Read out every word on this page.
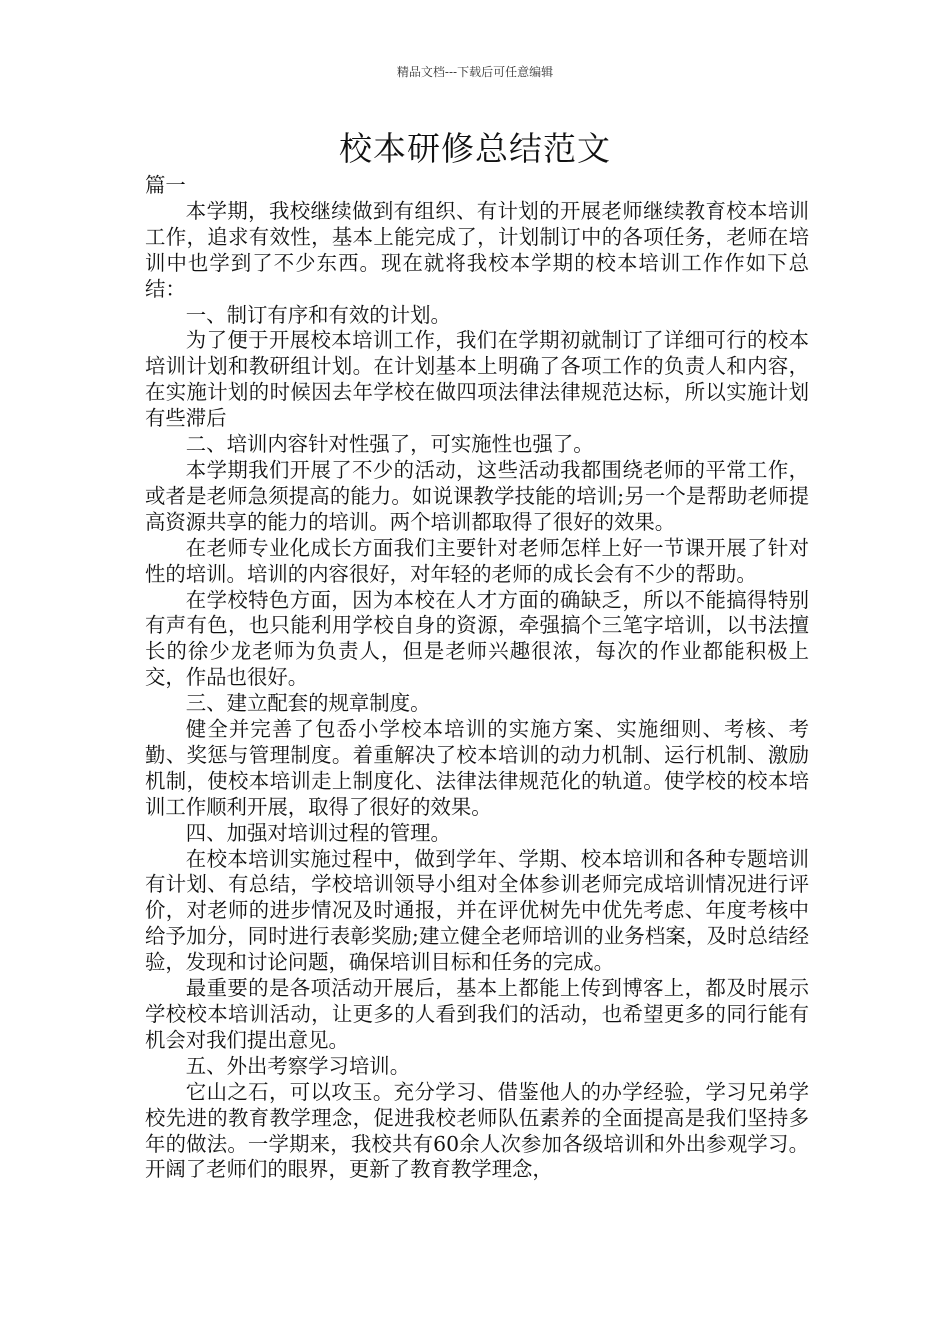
精品文档---下载后可任意编辑
校本研修总结范文

篇一

本学期，我校继续做到有组织、有计划的开展老师继续教育校本培训工作，追求有效性，基本上能完成了，计划制订中的各项任务，老师在培训中也学到了不少东西。现在就将我校本学期的校本培训工作作如下总结：

一、制订有序和有效的计划。

为了便于开展校本培训工作，我们在学期初就制订了详细可行的校本培训计划和教研组计划。在计划基本上明确了各项工作的负责人和内容，在实施计划的时候因去年学校在做四项法律法律规范达标，所以实施计划有些滞后

二、培训内容针对性强了，可实施性也强了。

本学期我们开展了不少的活动，这些活动我都围绕老师的平常工作，或者是老师急须提高的能力。如说课教学技能的培训;另一个是帮助老师提高资源共享的能力的培训。两个培训都取得了很好的效果。

在老师专业化成长方面我们主要针对老师怎样上好一节课开展了针对性的培训。培训的内容很好，对年轻的老师的成长会有不少的帮助。

在学校特色方面，因为本校在人才方面的确缺乏，所以不能搞得特别有声有色，也只能利用学校自身的资源，牵强搞个三笔字培训，以书法擅长的徐少龙老师为负责人，但是老师兴趣很浓，每次的作业都能积极上交，作品也很好。

三、建立配套的规章制度。

健全并完善了包岙小学校本培训的实施方案、实施细则、考核、考勤、奖惩与管理制度。着重解决了校本培训的动力机制、运行机制、激励机制，使校本培训走上制度化、法律法律规范化的轨道。使学校的校本培训工作顺利开展，取得了很好的效果。

四、加强对培训过程的管理。

在校本培训实施过程中，做到学年、学期、校本培训和各种专题培训有计划、有总结，学校培训领导小组对全体参训老师完成培训情况进行评价，对老师的进步情况及时通报，并在评优树先中优先考虑、年度考核中给予加分，同时进行表彰奖励;建立健全老师培训的业务档案，及时总结经验，发现和讨论问题，确保培训目标和任务的完成。

最重要的是各项活动开展后，基本上都能上传到博客上，都及时展示学校校本培训活动，让更多的人看到我们的活动，也希望更多的同行能有机会对我们提出意见。

五、外出考察学习培训。

它山之石，可以攻玉。充分学习、借鉴他人的办学经验，学习兄弟学校先进的教育教学理念，促进我校老师队伍素养的全面提高是我们坚持多年的做法。一学期来，我校共有60余人次参加各级培训和外出参观学习。开阔了老师们的眼界，更新了教育教学理念，
